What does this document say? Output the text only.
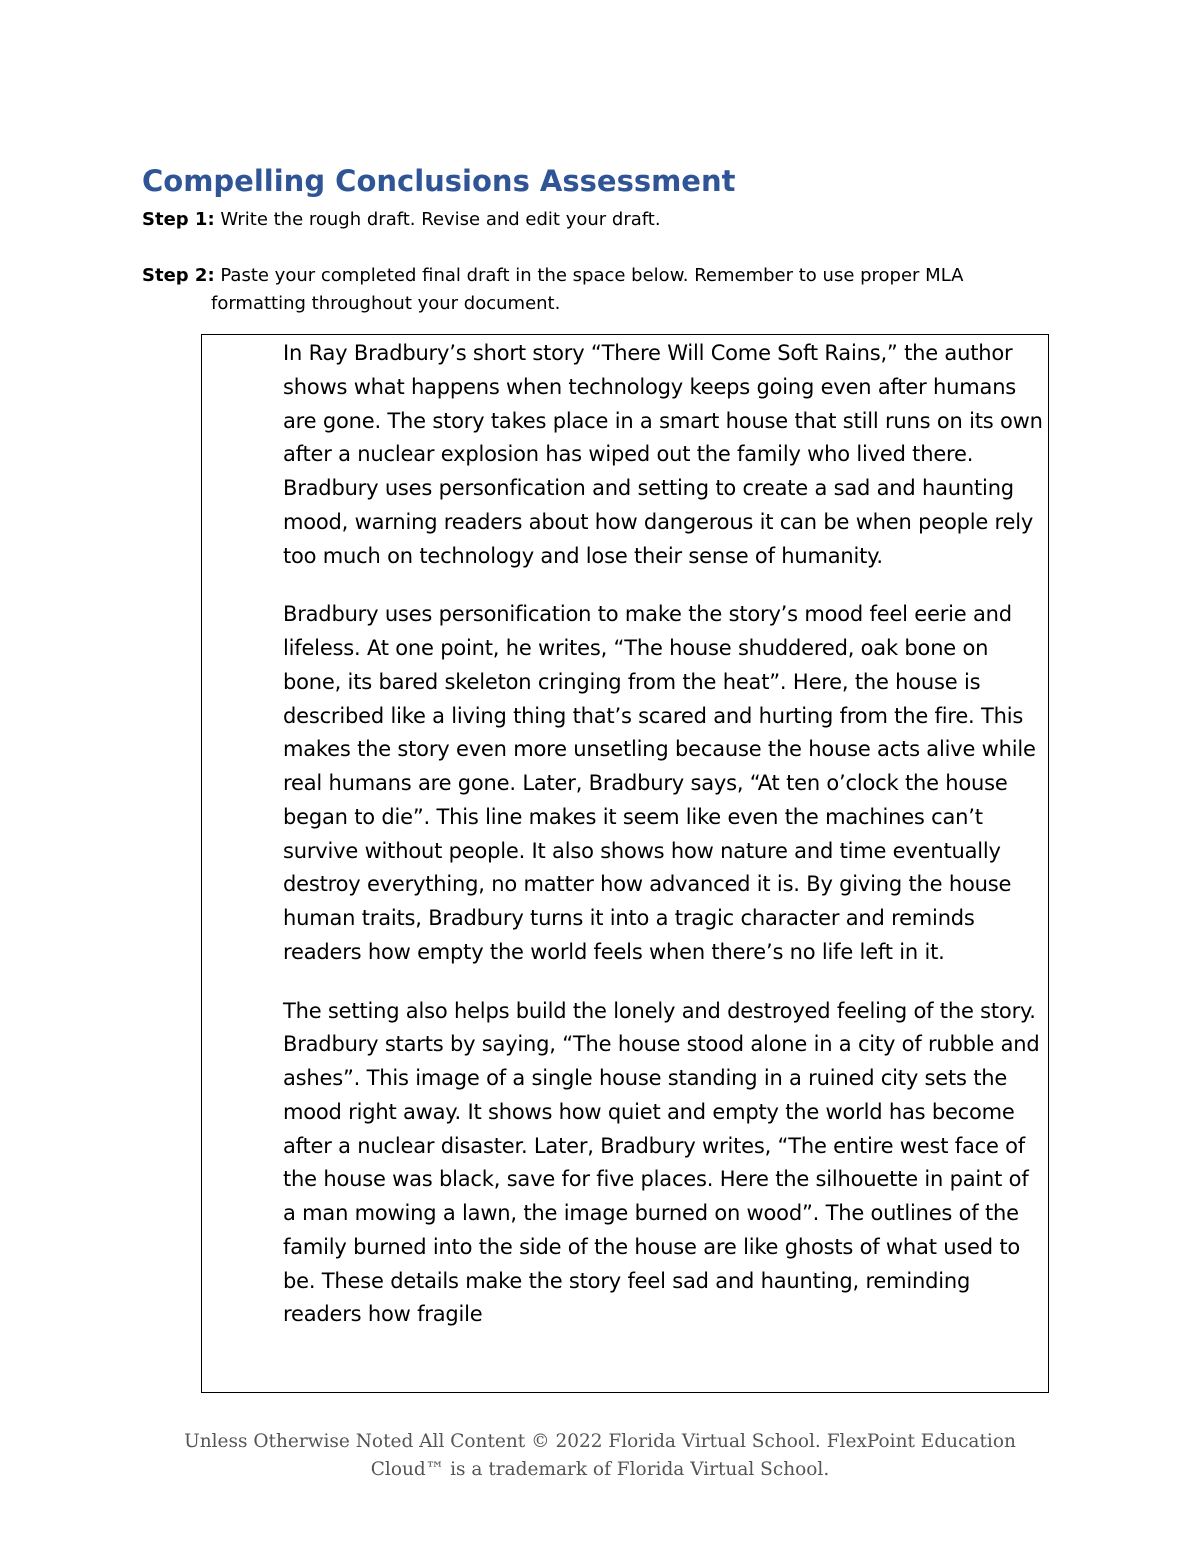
Compelling Conclusions Assessment
Step 1: Write the rough draft. Revise and edit your draft.
Step 2: Paste your completed final draft in the space below. Remember to use proper MLA
formatting throughout your document.

In Ray Bradbury’s short story “There Will Come Soft Rains,” the author shows what happens when technology keeps going even after humans are gone. The story takes place in a smart house that still runs on its own after a nuclear explosion has wiped out the family who lived there. Bradbury uses personfication and setting to create a sad and haunting mood, warning readers about how dangerous it can be when people rely too much on technology and lose their sense of humanity.

Bradbury uses personification to make the story’s mood feel eerie and lifeless. At one point, he writes, “The house shuddered, oak bone on bone, its bared skeleton cringing from the heat”. Here, the house is described like a living thing that’s scared and hurting from the fire. This makes the story even more unsetling because the house acts alive while real humans are gone. Later, Bradbury says, “At ten o’clock the house began to die”. This line makes it seem like even the machines can’t survive without people. It also shows how nature and time eventually destroy everything, no matter how advanced it is. By giving the house human traits, Bradbury turns it into a tragic character and reminds readers how empty the world feels when there’s no life left in it.

The setting also helps build the lonely and destroyed feeling of the story. Bradbury starts by saying, “The house stood alone in a city of rubble and ashes”. This image of a single house standing in a ruined city sets the mood right away. It shows how quiet and empty the world has become after a nuclear disaster. Later, Bradbury writes, “The entire west face of the house was black, save for five places. Here the silhouette in paint of a man mowing a lawn, the image burned on wood”. The outlines of the family burned into the side of the house are like ghosts of what used to be. These details make the story feel sad and haunting, reminding readers how fragile

Unless Otherwise Noted All Content © 2022 Florida Virtual School. FlexPoint Education
Cloud™ is a trademark of Florida Virtual School.
